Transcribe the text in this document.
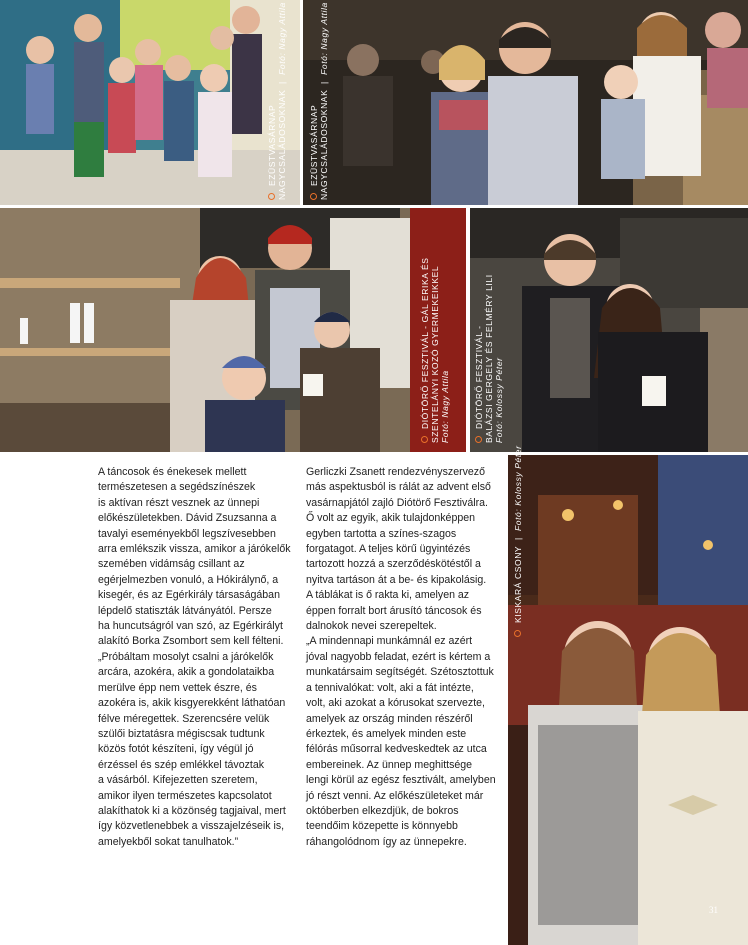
EZÜSTVASÁRNAP
NAGYCSALÁDOSOKNAK | Fotó: Nagy Attila
EZÜSTVASÁRNAP
NAGYCSALÁDOSOKNAK | Fotó: Nagy Attila
DIÓTÖRŐ FESZTIVÁL - GÁL ERIKA ÉS
SZENTELÁNYI KOZÓ GYERMEKEIKKEL
Fotó: Nagy Attila	DIÓTÖRŐ FESZTIVÁL -
BALÁZSI GERGELY ÉS FELMÉRY LILI
Fotó: Kolossy Péter
KISKARÁ CSONY | Fotó: Kolossy Péter

A táncosok és énekesek mellett

természetesen a segédszínészek

is aktívan részt vesznek az ünnepi

előkészületekben. Dávid Zsuzsanna a

tavalyi eseményekből legszívesebben

arra emlékszik vissza, amikor a járókelők

szemében vidámság csillant az

egérjelmezben vonuló, a Hókirálynő, a

kisegér, és az Egérkirály társaságában

lépdelő statiszták látványától. Persze

ha huncutságról van szó, az Egérkirályt

alakító Borka Zsombort sem kell félteni.

„Próbáltam mosolyt csalni a járókelők

arcára, azokéra, akik a gondolataikba

merülve épp nem vettek észre, és

azokéra is, akik kisgyerekként láthatóan

félve méregettek. Szerencsére velük

szülői biztatásra mégiscsak tudtunk

közös fotót készíteni, így végül jó

érzéssel és szép emlékkel távoztak

a vásárból. Kifejezetten szeretem,

amikor ilyen természetes kapcsolatot

alakíthatok ki a közönség tagjaival, mert

így közvetlenebbek a visszajelzéseik is,

amelyekből sokat tanulhatok.”

Gerliczki Zsanett rendezvényszervező

más aspektusból is rálát az advent első

vasárnapjától zajló Diótörő Fesztiválra.

Ő volt az egyik, akik tulajdonképpen

egyben tartotta a színes-szagos

forgatagot. A teljes körű ügyintézés

tartozott hozzá a szerződéskötéstől a

nyitva tartáson át a be- és kipakolásig.

A táblákat is ő rakta ki, amelyen az

éppen forralt bort árusító táncosok és

dalnokok nevei szerepeltek.

„A mindennapi munkámnál ez azért

jóval nagyobb feladat, ezért is kértem a

munkatársaim segítségét. Szétosztottuk

a tennivalókat: volt, aki a fát intézte,

volt, aki azokat a kórusokat szervezte,

amelyek az ország minden részéről

érkeztek, és amelyek minden este

félórás műsorral kedveskedtek az utca

embereinek. Az ünnep meghittsége

lengi körül az egész fesztivált, amelyben

jó részt venni. Az előkészületeket már

októberben elkezdjük, de bokros

teendőim közepette is könnyebb

ráhangolódnom így az ünnepekre.

31
